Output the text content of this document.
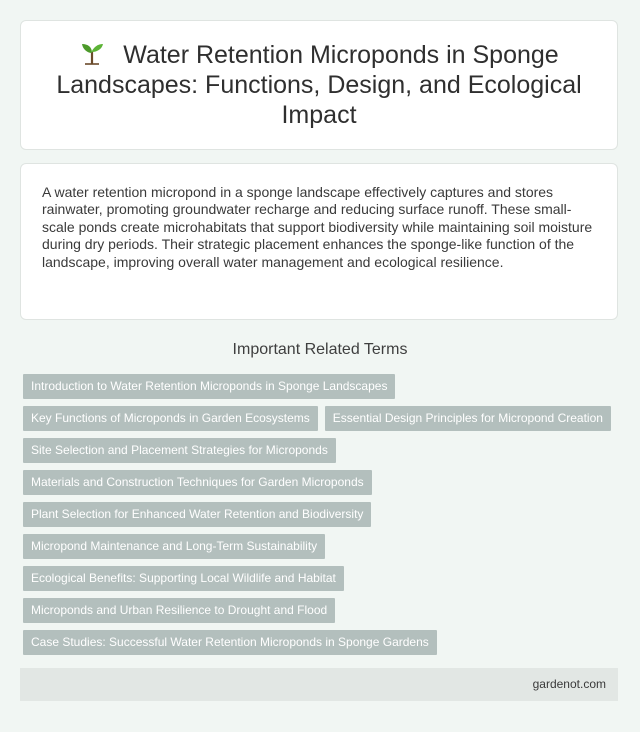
Water Retention Microponds in Sponge Landscapes: Functions, Design, and Ecological Impact

A water retention micropond in a sponge landscape effectively captures and stores rainwater, promoting groundwater recharge and reducing surface runoff. These small-scale ponds create microhabitats that support biodiversity while maintaining soil moisture during dry periods. Their strategic placement enhances the sponge-like function of the landscape, improving overall water management and ecological resilience.

Important Related Terms
Introduction to Water Retention Microponds in Sponge Landscapes
Key Functions of Microponds in Garden Ecosystems	Essential Design Principles for Micropond Creation
Site Selection and Placement Strategies for Microponds
Materials and Construction Techniques for Garden Microponds
Plant Selection for Enhanced Water Retention and Biodiversity
Micropond Maintenance and Long-Term Sustainability
Ecological Benefits: Supporting Local Wildlife and Habitat
Microponds and Urban Resilience to Drought and Flood
Case Studies: Successful Water Retention Microponds in Sponge Gardens
gardenot.com
